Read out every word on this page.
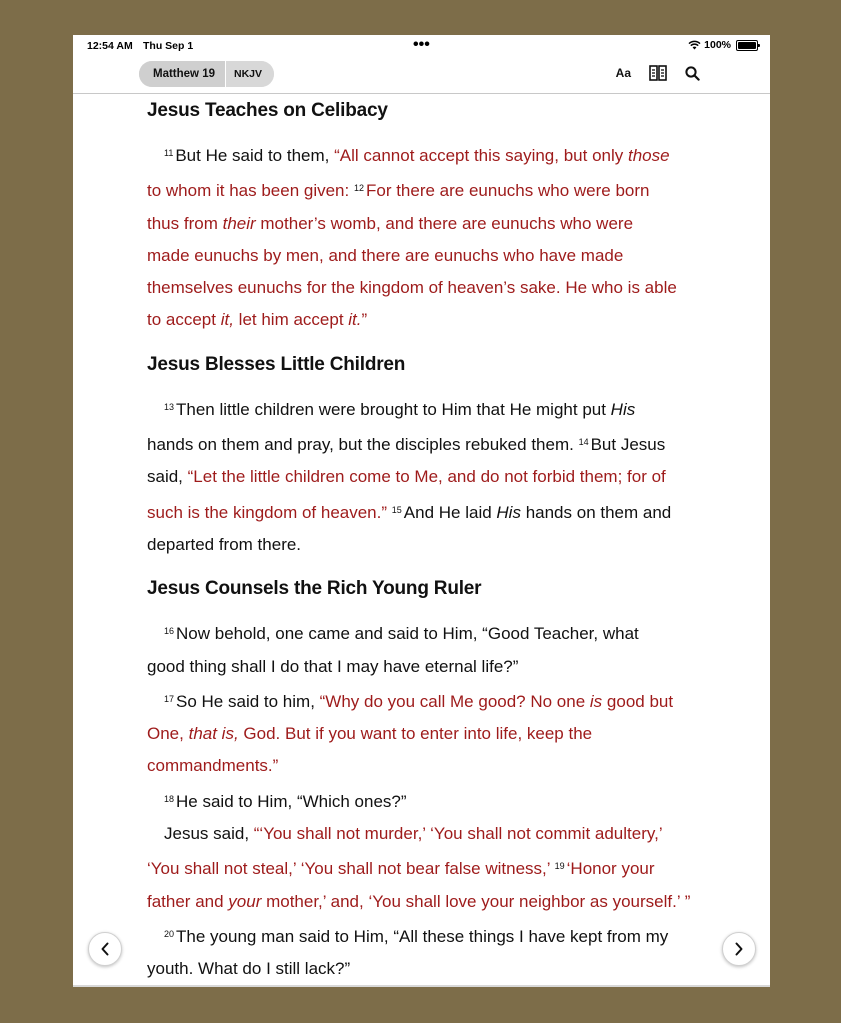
12:54 AM Thu Sep 1	•••	100%
Matthew 19	NKJV	Aa
Jesus Teaches on Celibacy

$^{11}$ But He said to them, “All cannot accept this saying, but only those
to whom it has been given: $^{12}$ For there are eunuchs who were born
thus from their mother’s womb, and there are eunuchs who were
made eunuchs by men, and there are eunuchs who have made
themselves eunuchs for the kingdom of heaven’s sake. He who is able
to accept it, let him accept it.”

Jesus Blesses Little Children

$^{13}$ Then little children were brought to Him that He might put His
hands on them and pray, but the disciples rebuked them. $^{14}$ But Jesus
said, “Let the little children come to Me, and do not forbid them; for of
such is the kingdom of heaven.” $^{15}$ And He laid His hands on them and
departed from there.

Jesus Counsels the Rich Young Ruler

$^{16}$ Now behold, one came and said to Him, “Good Teacher, what
good thing shall I do that I may have eternal life?”
$^{17}$ So He said to him, “Why do you call Me good? No one is good but
One, that is, God. But if you want to enter into life, keep the
commandments.”
$^{18}$ He said to Him, “Which ones?”
Jesus said, “‘You shall not murder,’ ‘You shall not commit adultery,’
‘You shall not steal,’ ‘You shall not bear false witness,’ $^{19}$ ‘Honor your
father and your mother,’ and, ‘You shall love your neighbor as yourself.’ ”
$^{20}$ The young man said to Him, “All these things I have kept from my
youth. What do I still lack?”
